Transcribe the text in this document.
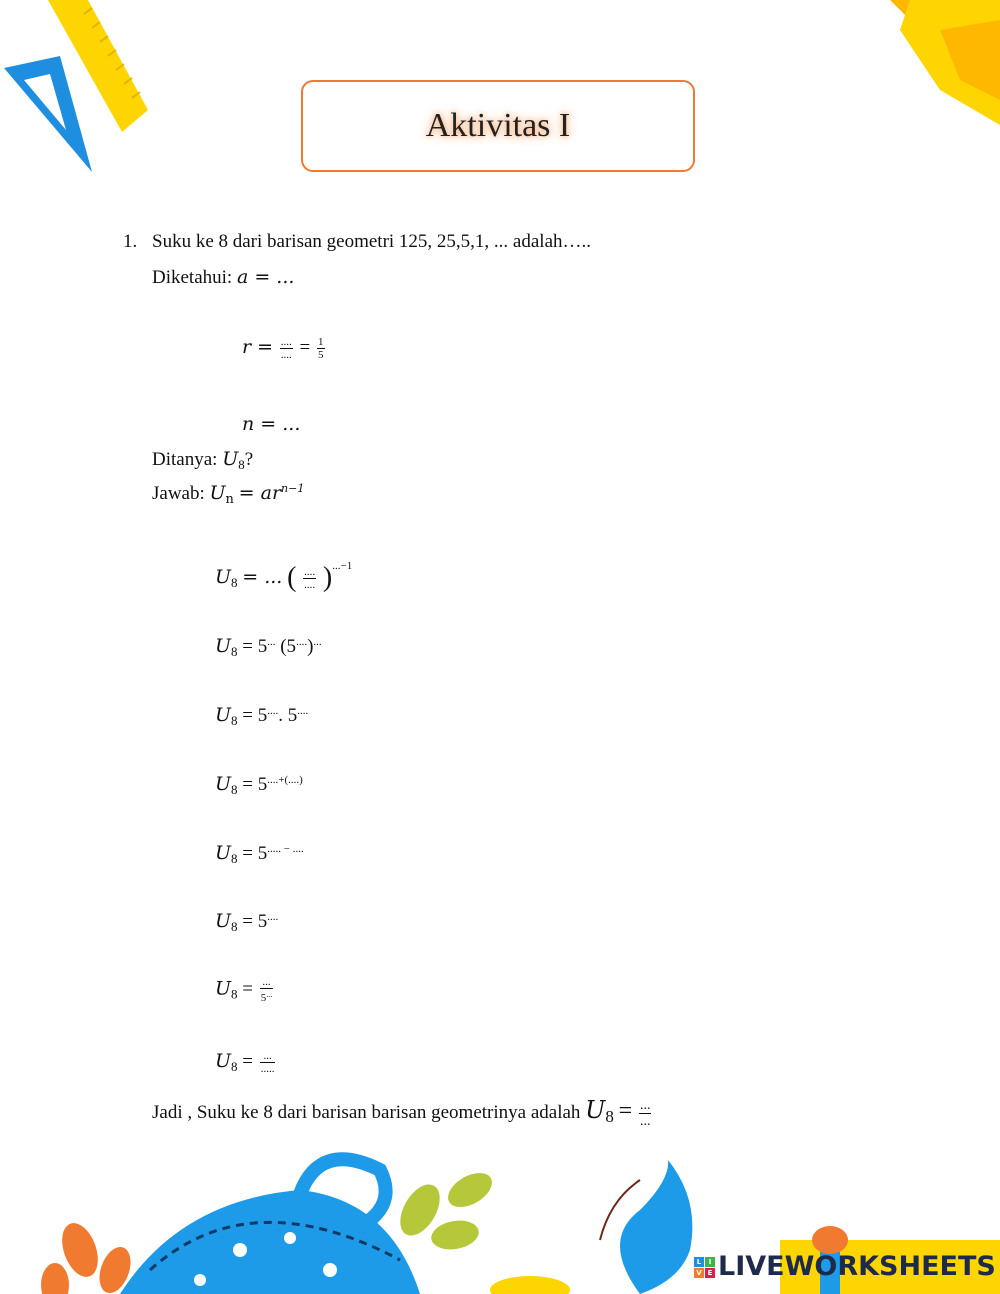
Aktivitas I
1. Suku ke 8 dari barisan geometri 125, 25,5,1, ... adalah…..
Diketahui: a = ...
$r = \frac{....}{....} = \frac{1}{5}$
n = ...
Ditanya: $U_8$?
Jawab: $U_n = ar^{n-1}$
$U_8$ = ... ( $\frac{....}{....} )^{...-1}$
$U_8 = 5^{...}$ (5....)...
$U_8 = 5^{....}$. 5....
$U_8 = 5^{....+(....)}$
$U_8 = 5^{..... - ....}$
$U_8 = 5^{....}$
$U_8 = \frac{...}{5^{...}}$
$U_8 = \frac{...}{.....}$
Jadi , Suku ke 8 dari barisan barisan geometrinya adalah $U8 = \frac{...}{...}$
L	I
V E LIVEWORKSHEETS
